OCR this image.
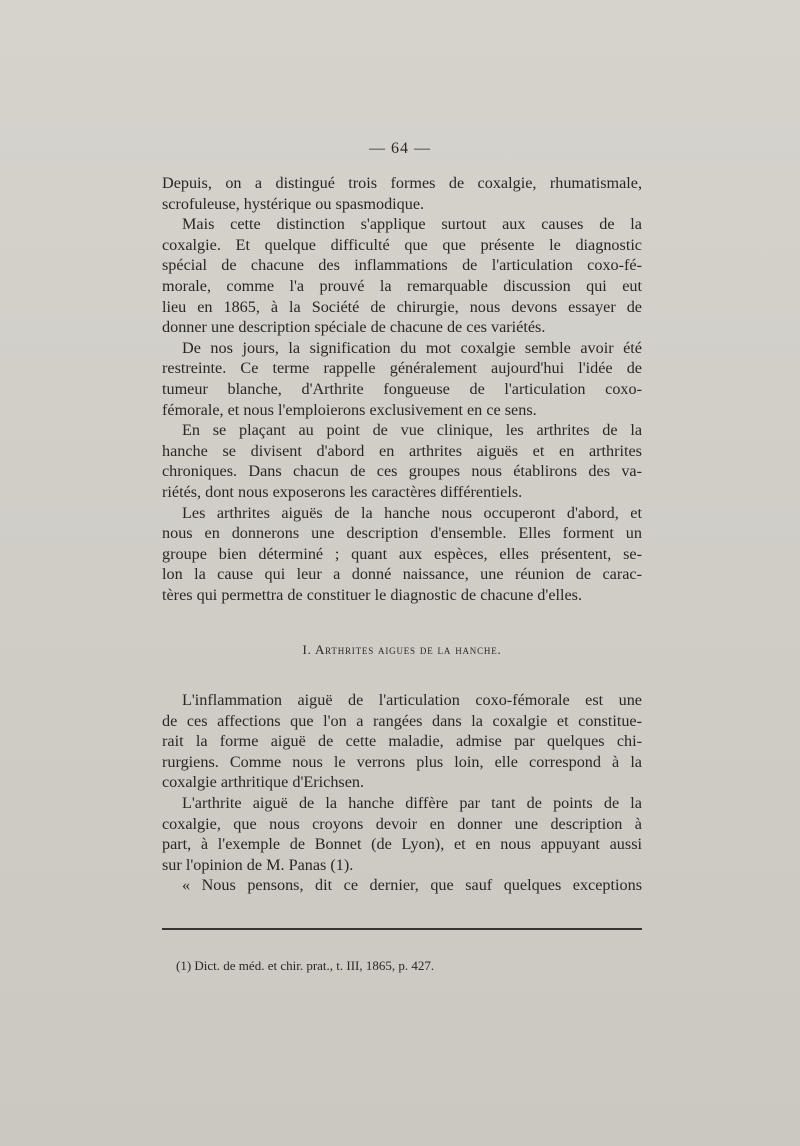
— 64 —
Depuis, on a distingué trois formes de coxalgie, rhumatismale,
scrofuleuse, hystérique ou spasmodique.
Mais cette distinction s'applique surtout aux causes de la
coxalgie. Et quelque difficulté que que présente le diagnostic
spécial de chacune des inflammations de l'articulation coxo-fé-
morale, comme l'a prouvé la remarquable discussion qui eut
lieu en 1865, à la Société de chirurgie, nous devons essayer de
donner une description spéciale de chacune de ces variétés.
De nos jours, la signification du mot coxalgie semble avoir été
restreinte. Ce terme rappelle généralement aujourd'hui l'idée de
tumeur blanche, d'Arthrite fongueuse de l'articulation coxo-
fémorale, et nous l'emploierons exclusivement en ce sens.
En se plaçant au point de vue clinique, les arthrites de la
hanche se divisent d'abord en arthrites aiguës et en arthrites
chroniques. Dans chacun de ces groupes nous établirons des va-
riétés, dont nous exposerons les caractères différentiels.
Les arthrites aiguës de la hanche nous occuperont d'abord, et
nous en donnerons une description d'ensemble. Elles forment un
groupe bien déterminé ; quant aux espèces, elles présentent, se-
lon la cause qui leur a donné naissance, une réunion de carac-
tères qui permettra de constituer le diagnostic de chacune d'elles.
I. Arthrites aigues de la hanche.
L'inflammation aiguë de l'articulation coxo-fémorale est une
de ces affections que l'on a rangées dans la coxalgie et constitue-
rait la forme aiguë de cette maladie, admise par quelques chi-
rurgiens. Comme nous le verrons plus loin, elle correspond à la
coxalgie arthritique d'Erichsen.
L'arthrite aiguë de la hanche diffère par tant de points de la
coxalgie, que nous croyons devoir en donner une description à
part, à l'exemple de Bonnet (de Lyon), et en nous appuyant aussi
sur l'opinion de M. Panas (1).
« Nous pensons, dit ce dernier, que sauf quelques exceptions
(1) Dict. de méd. et chir. prat., t. III, 1865, p. 427.
